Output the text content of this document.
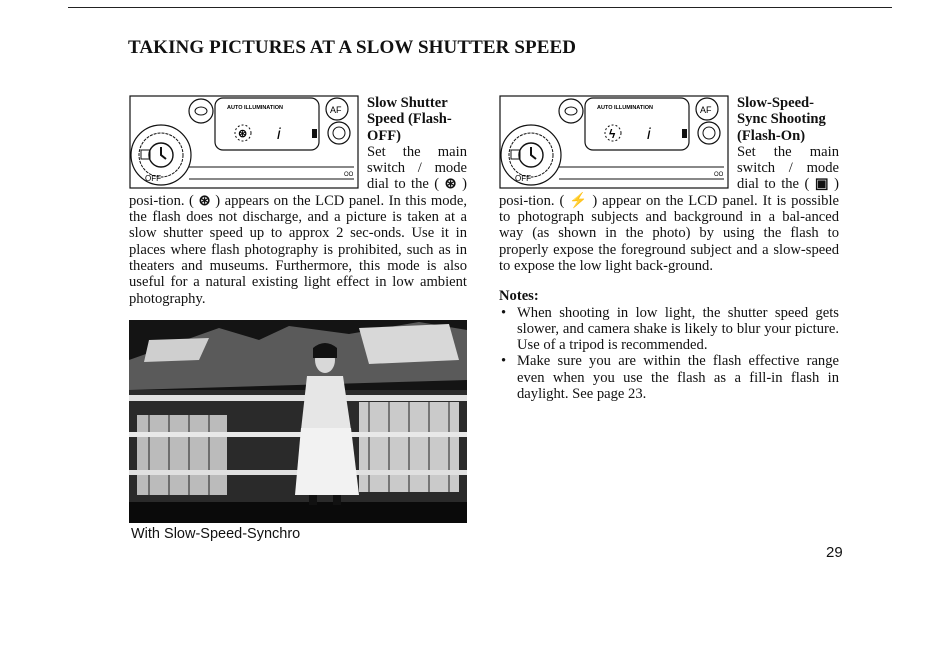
TAKING PICTURES AT A SLOW SHUTTER SPEED
AUTO ILLUMINATION	AF
⊛ i
OFF	OO
Slow Shutter Speed (Flash-OFF)
Set the main switch / mode dial to the ( ⊛ ) posi-tion. ( ⊛ ) appears on the LCD panel. In this mode, the flash does not discharge, and a picture is taken at a slow shutter speed up to approx 2 sec-onds. Use it in places where flash photography is prohibited, such as in theaters and museums. Furthermore, this mode is also useful for a natural existing light effect in low ambient photography.
With Slow-Speed-Synchro
AUTO ILLUMINATION	AF
ϟ i
OFF	OO
Slow-Speed-Sync Shooting (Flash-On)
Set the main switch / mode dial to the ( ▣ ) posi-tion. ( ⚡ ) appear on the LCD panel. It is possible to photograph subjects and background in a bal-anced way (as shown in the photo) by using the flash to properly expose the foreground subject and a slow-speed to expose the low light back-ground.
Notes:
• When shooting in low light, the shutter speed gets slower, and camera shake is likely to blur your picture. Use of a tripod is recommended.
• Make sure you are within the flash effective range even when you use the flash as a fill-in flash in daylight. See page 23.
29
